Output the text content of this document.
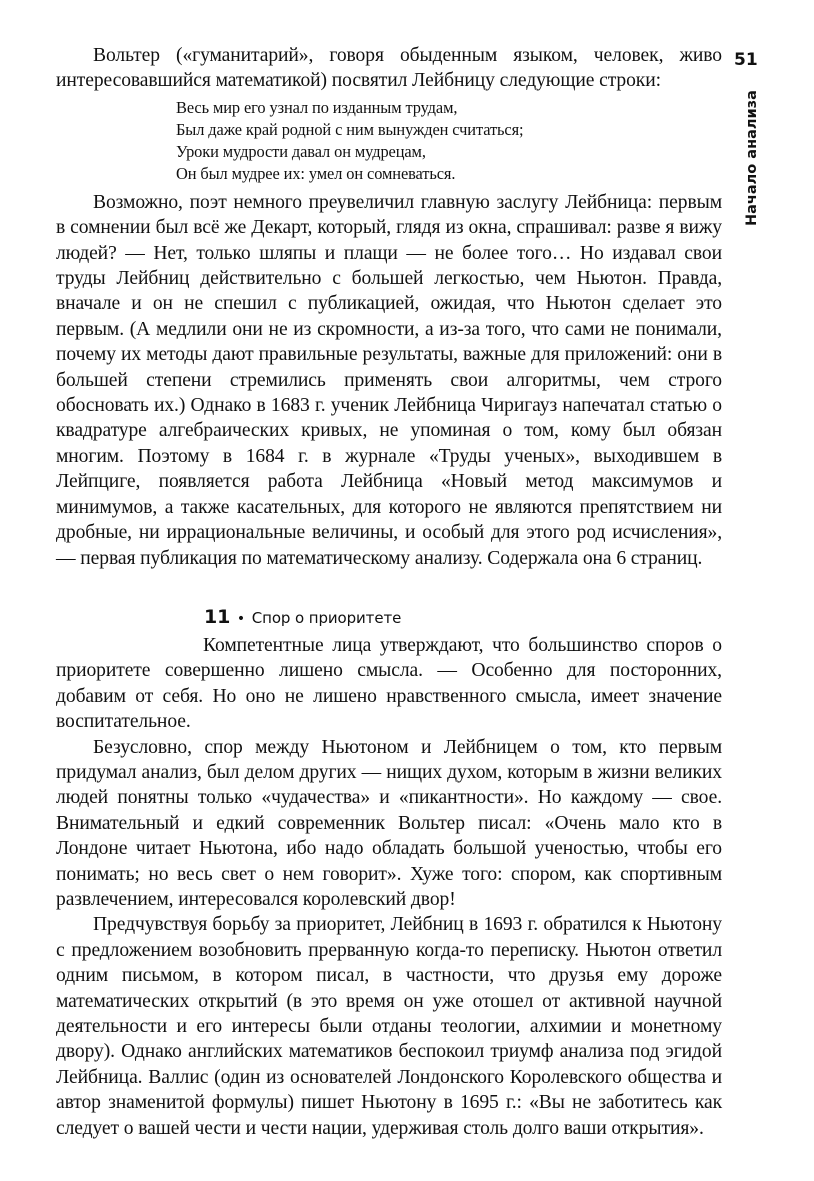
51
Начало анализа

Вольтер («гуманитарий», говоря обыденным языком, человек, живо интересовавшийся математикой) посвятил Лейбницу следующие строки:

Весь мир его узнал по изданным трудам,
Был даже край родной с ним вынужден считаться;
Уроки мудрости давал он мудрецам,
Он был мудрее их: умел он сомневаться.

Возможно, поэт немного преувеличил главную заслугу Лейбница: первым в сомнении был всё же Декарт, который, глядя из окна, спрашивал: разве я вижу людей? — Нет, только шляпы и плащи — не более того… Но издавал свои труды Лейбниц действительно с большей легкостью, чем Ньютон. Правда, вначале и он не спешил с публикацией, ожидая, что Ньютон сделает это первым. (А медлили они не из скромности, а из-за того, что сами не понимали, почему их методы дают правильные результаты, важные для приложений: они в большей степени стремились применять свои алгоритмы, чем строго обосновать их.) Однако в 1683 г. ученик Лейбница Чиригауз напечатал статью о квадратуре алгебраических кривых, не упоминая о том, кому был обязан многим. Поэтому в 1684 г. в журнале «Труды ученых», выходившем в Лейпциге, появляется работа Лейбница «Новый метод максимумов и минимумов, а также касательных, для которого не являются препятствием ни дробные, ни иррациональные величины, и особый для этого род исчисления», — первая публикация по математическому анализу. Содержала она 6 страниц.

11 • Спор о приоритете

Компетентные лица утверждают, что большинство споров о приоритете совершенно лишено смысла. — Особенно для посторонних, добавим от себя. Но оно не лишено нравственного смысла, имеет значение воспитательное.

Безусловно, спор между Ньютоном и Лейбницем о том, кто первым придумал анализ, был делом других — нищих духом, которым в жизни великих людей понятны только «чудачества» и «пикантности». Но каждому — свое. Внимательный и едкий современник Вольтер писал: «Очень мало кто в Лондоне читает Ньютона, ибо надо обладать большой ученостью, чтобы его понимать; но весь свет о нем говорит». Хуже того: спором, как спортивным развлечением, интересовался королевский двор!

Предчувствуя борьбу за приоритет, Лейбниц в 1693 г. обратился к Ньютону с предложением возобновить прерванную когда-то переписку. Ньютон ответил одним письмом, в котором писал, в частности, что друзья ему дороже математических открытий (в это время он уже отошел от активной научной деятельности и его интересы были отданы теологии, алхимии и монетному двору). Однако английских математиков беспокоил триумф анализа под эгидой Лейбница. Валлис (один из основателей Лондонского Королевского общества и автор знаменитой формулы) пишет Ньютону в 1695 г.: «Вы не заботитесь как следует о вашей чести и чести нации, удерживая столь долго ваши открытия».
